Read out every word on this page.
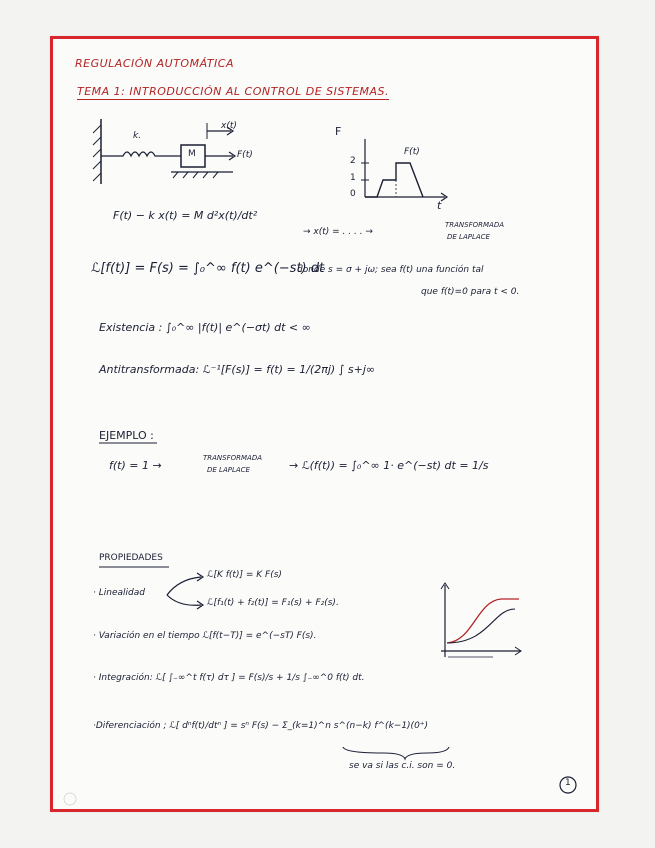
REGULACIÓN AUTOMÁTICA
TEMA 1: INTRODUCCIÓN AL CONTROL DE SISTEMAS.
k.
M
x(t)
F(t)
F
F(t)
2
1
0
t
F(t) − k x(t) = M d²x(t)/dt²
→ x(t) = . . . . →
TRANSFORMADA
DE LAPLACE
ℒ[f(t)] = F(s) = ∫₀^∞ f(t) e^(−st) dt
donde s = σ + jω; sea f(t) una función tal
que f(t)=0 para t < 0.
Existencia : ∫₀^∞ |f(t)| e^(−σt) dt < ∞
Antitransformada: ℒ⁻¹[F(s)] = f(t) = 1/(2πj) ∫ s+j∞
EJEMPLO :
f(t) = 1 →
TRANSFORMADA
DE LAPLACE	→ ℒ(f(t)) = ∫₀^∞ 1· e^(−st) dt = 1/s
PROPIEDADES
· Linealidad
ℒ[K f(t)] = K F(s)
ℒ[f₁(t) + f₂(t)] = F₁(s) + F₂(s).
· Variación en el tiempo ℒ[f(t−T)] = e^(−sT) F(s).
· Integración: ℒ[ ∫₋∞^t f(τ) dτ ] = F(s)/s + 1/s ∫₋∞^0 f(t) dt.
·Diferenciación ; ℒ[ dⁿf(t)/dtⁿ ] = sⁿ F(s) − Σ_(k=1)^n s^(n−k) f^(k−1)(0⁺)
se va si las c.i. son = 0.
1
